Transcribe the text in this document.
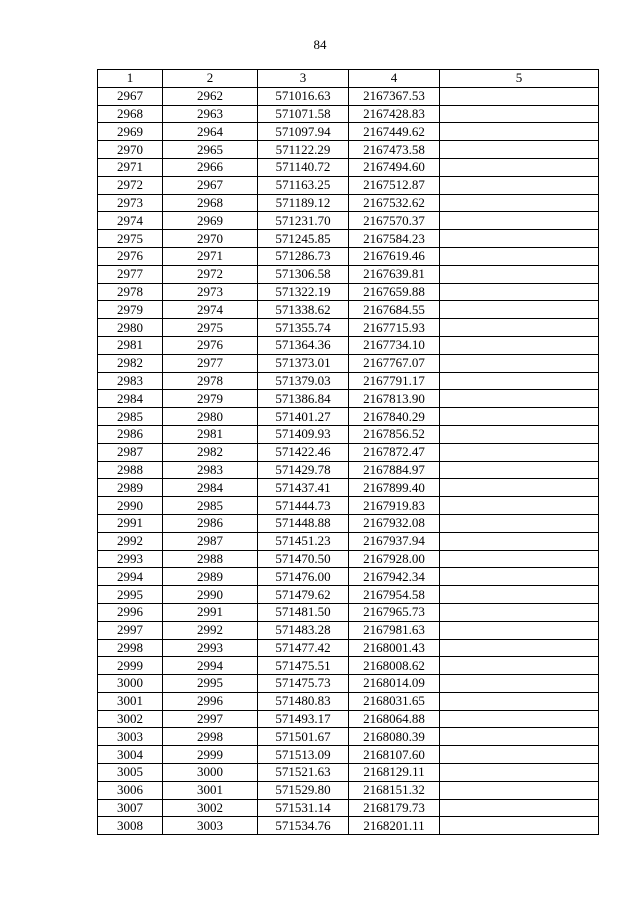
84
1	2	3	4	5
2967	2962	571016.63	2167367.53	
2968	2963	571071.58	2167428.83	
2969	2964	571097.94	2167449.62	
2970	2965	571122.29	2167473.58	
2971	2966	571140.72	2167494.60	
2972	2967	571163.25	2167512.87	
2973	2968	571189.12	2167532.62	
2974	2969	571231.70	2167570.37	
2975	2970	571245.85	2167584.23	
2976	2971	571286.73	2167619.46	
2977	2972	571306.58	2167639.81	
2978	2973	571322.19	2167659.88	
2979	2974	571338.62	2167684.55	
2980	2975	571355.74	2167715.93	
2981	2976	571364.36	2167734.10	
2982	2977	571373.01	2167767.07	
2983	2978	571379.03	2167791.17	
2984	2979	571386.84	2167813.90	
2985	2980	571401.27	2167840.29	
2986	2981	571409.93	2167856.52	
2987	2982	571422.46	2167872.47	
2988	2983	571429.78	2167884.97	
2989	2984	571437.41	2167899.40	
2990	2985	571444.73	2167919.83	
2991	2986	571448.88	2167932.08	
2992	2987	571451.23	2167937.94	
2993	2988	571470.50	2167928.00	
2994	2989	571476.00	2167942.34	
2995	2990	571479.62	2167954.58	
2996	2991	571481.50	2167965.73	
2997	2992	571483.28	2167981.63	
2998	2993	571477.42	2168001.43	
2999	2994	571475.51	2168008.62	
3000	2995	571475.73	2168014.09	
3001	2996	571480.83	2168031.65	
3002	2997	571493.17	2168064.88	
3003	2998	571501.67	2168080.39	
3004	2999	571513.09	2168107.60	
3005	3000	571521.63	2168129.11	
3006	3001	571529.80	2168151.32	
3007	3002	571531.14	2168179.73	
3008	3003	571534.76	2168201.11	
